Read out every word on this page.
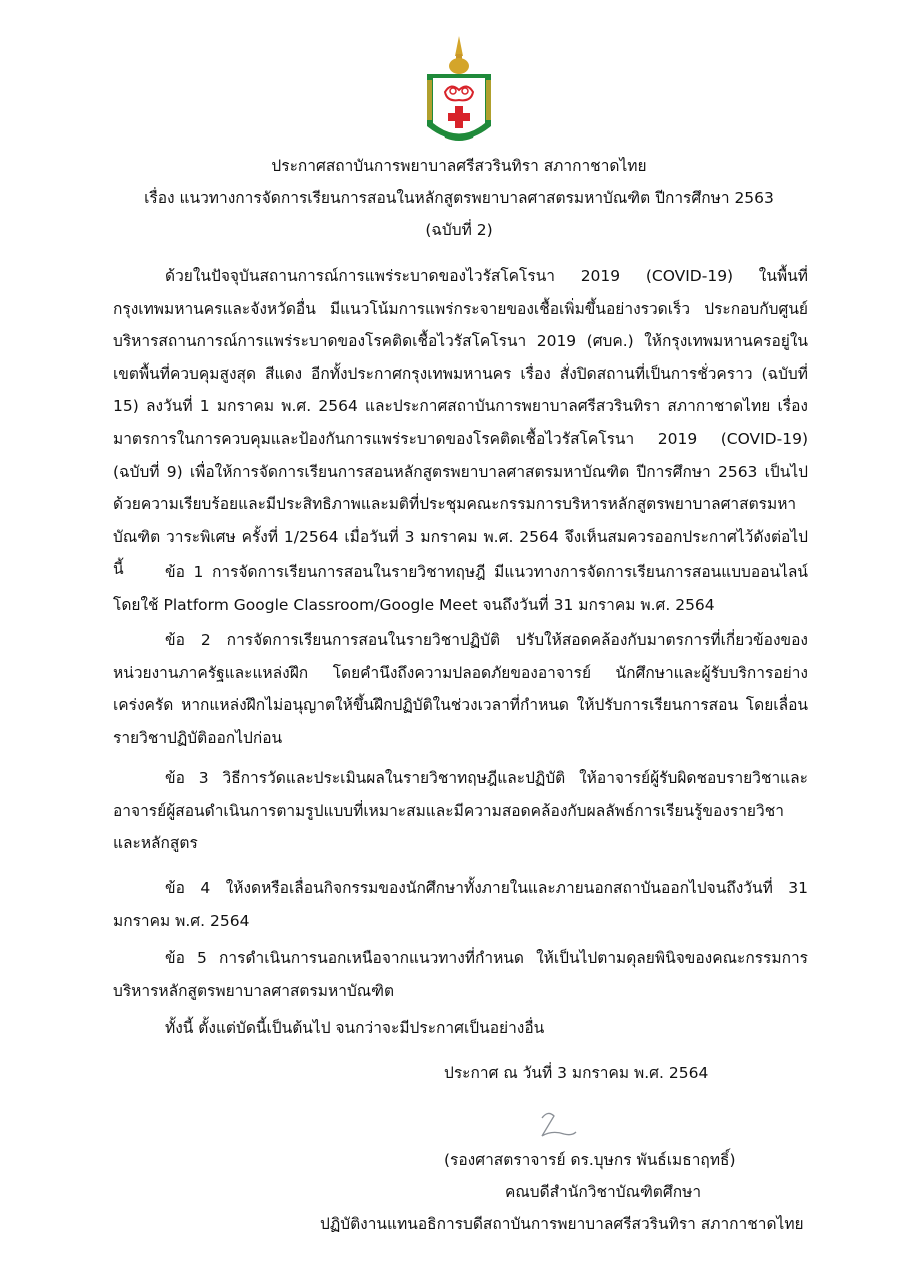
ประกาศสถาบันการพยาบาลศรีสวรินทิรา สภากาชาดไทย
เรื่อง แนวทางการจัดการเรียนการสอนในหลักสูตรพยาบาลศาสตรมหาบัณฑิต ปีการศึกษา 2563
(ฉบับที่ 2)

ด้วยในปัจจุบันสถานการณ์การแพร่ระบาดของไวรัสโคโรนา 2019 (COVID-19) ในพื้นที่กรุงเทพมหานครและจังหวัดอื่น มีแนวโน้มการแพร่กระจายของเชื้อเพิ่มขึ้นอย่างรวดเร็ว ประกอบกับศูนย์บริหารสถานการณ์การแพร่ระบาดของโรคติดเชื้อไวรัสโคโรนา 2019 (ศบค.) ให้กรุงเทพมหานครอยู่ในเขตพื้นที่ควบคุมสูงสุด สีแดง อีกทั้งประกาศกรุงเทพมหานคร เรื่อง สั่งปิดสถานที่เป็นการชั่วคราว (ฉบับที่ 15) ลงวันที่ 1 มกราคม พ.ศ. 2564 และประกาศสถาบันการพยาบาลศรีสวรินทิรา สภากาชาดไทย เรื่อง มาตรการในการควบคุมและป้องกันการแพร่ระบาดของโรคติดเชื้อไวรัสโคโรนา 2019 (COVID-19) (ฉบับที่ 9) เพื่อให้การจัดการเรียนการสอนหลักสูตรพยาบาลศาสตรมหาบัณฑิต ปีการศึกษา 2563 เป็นไปด้วยความเรียบร้อยและมีประสิทธิภาพและมติที่ประชุมคณะกรรมการบริหารหลักสูตรพยาบาลศาสตรมหาบัณฑิต วาระพิเศษ ครั้งที่ 1/2564 เมื่อวันที่ 3 มกราคม พ.ศ. 2564 จึงเห็นสมควรออกประกาศไว้ดังต่อไปนี้	ข้อ 1 การจัดการเรียนการสอนในรายวิชาทฤษฎี มีแนวทางการจัดการเรียนการสอนแบบออนไลน์โดยใช้ Platform Google Classroom/Google Meet จนถึงวันที่ 31 มกราคม พ.ศ. 2564

ข้อ 2 การจัดการเรียนการสอนในรายวิชาปฏิบัติ ปรับให้สอดคล้องกับมาตรการที่เกี่ยวข้องของหน่วยงานภาครัฐและแหล่งฝึก โดยคำนึงถึงความปลอดภัยของอาจารย์ นักศึกษาและผู้รับบริการอย่างเคร่งครัด หากแหล่งฝึกไม่อนุญาตให้ขึ้นฝึกปฏิบัติในช่วงเวลาที่กำหนด ให้ปรับการเรียนการสอน โดยเลื่อนรายวิชาปฏิบัติออกไปก่อน

ข้อ 3 วิธีการวัดและประเมินผลในรายวิชาทฤษฎีและปฏิบัติ ให้อาจารย์ผู้รับผิดชอบรายวิชาและอาจารย์ผู้สอนดำเนินการตามรูปแบบที่เหมาะสมและมีความสอดคล้องกับผลลัพธ์การเรียนรู้ของรายวิชาและหลักสูตร

ข้อ 4 ให้งดหรือเลื่อนกิจกรรมของนักศึกษาทั้งภายในและภายนอกสถาบันออกไปจนถึงวันที่ 31 มกราคม พ.ศ. 2564

ข้อ 5 การดำเนินการนอกเหนือจากแนวทางที่กำหนด ให้เป็นไปตามดุลยพินิจของคณะกรรมการบริหารหลักสูตรพยาบาลศาสตรมหาบัณฑิต

ทั้งนี้ ตั้งแต่บัดนี้เป็นต้นไป จนกว่าจะมีประกาศเป็นอย่างอื่น

ประกาศ ณ วันที่ 3 มกราคม พ.ศ. 2564
(รองศาสตราจารย์ ดร.บุษกร พันธ์เมธาฤทธิ์)
คณบดีสำนักวิชาบัณฑิตศึกษา
ปฏิบัติงานแทนอธิการบดีสถาบันการพยาบาลศรีสวรินทิรา สภากาชาดไทย
